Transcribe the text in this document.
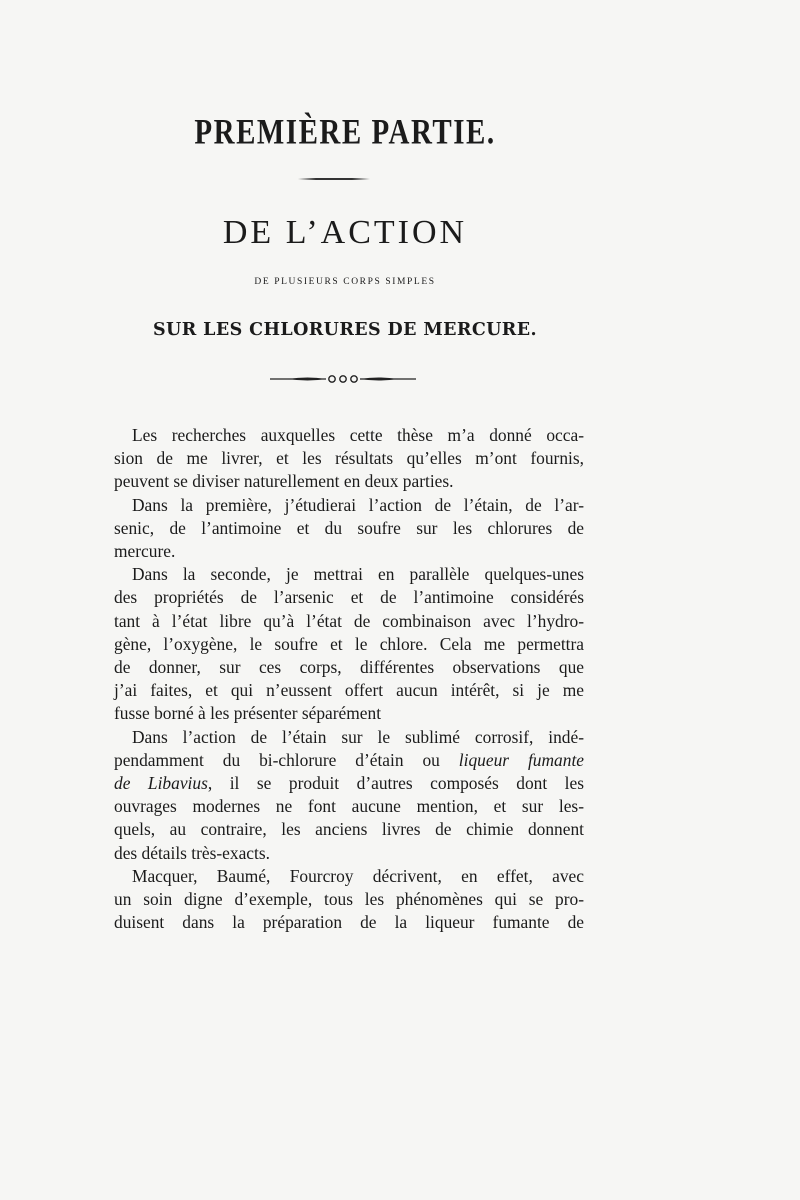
PREMIÈRE PARTIE.
DE L’ACTION
DE PLUSIEURS CORPS SIMPLES
SUR LES CHLORURES DE MERCURE.
Les recherches auxquelles cette thèse m’a donné occa-
sion de me livrer, et les résultats qu’elles m’ont fournis,
peuvent se diviser naturellement en deux parties.
Dans la première, j’étudierai l’action de l’étain, de l’ar-
senic, de l’antimoine et du soufre sur les chlorures de
mercure.
Dans la seconde, je mettrai en parallèle quelques-unes
des propriétés de l’arsenic et de l’antimoine considérés
tant à l’état libre qu’à l’état de combinaison avec l’hydro-
gène, l’oxygène, le soufre et le chlore. Cela me permettra
de donner, sur ces corps, différentes observations que
j’ai faites, et qui n’eussent offert aucun intérêt, si je me
fusse borné à les présenter séparément
Dans l’action de l’étain sur le sublimé corrosif, indé-
pendamment du bi-chlorure d’étain ou liqueur fumante
de Libavius, il se produit d’autres composés dont les
ouvrages modernes ne font aucune mention, et sur les-
quels, au contraire, les anciens livres de chimie donnent
des détails très-exacts.
Macquer, Baumé, Fourcroy décrivent, en effet, avec
un soin digne d’exemple, tous les phénomènes qui se pro-
duisent dans la préparation de la liqueur fumante de
